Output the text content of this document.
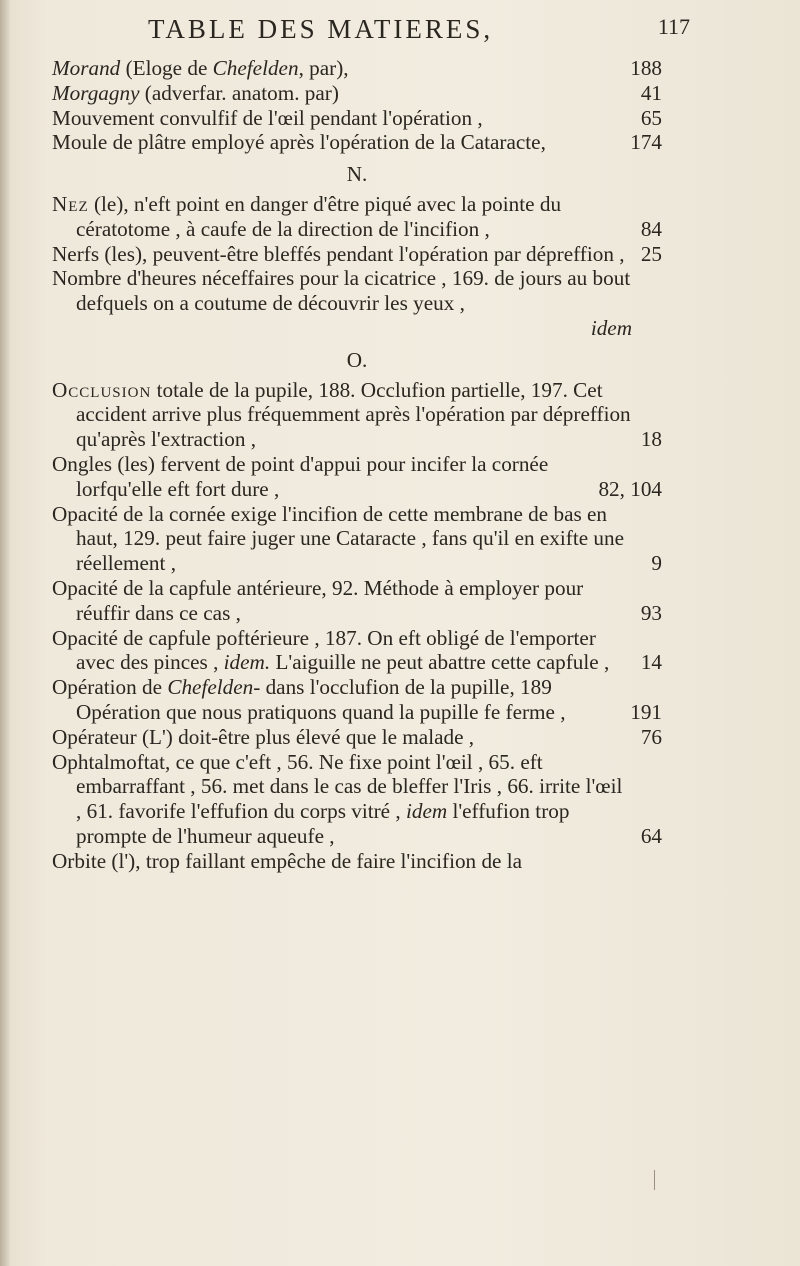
TABLE DES MATIERES,	117
Morand (Eloge de Chefelden, par),	188
Morgagny (adverfar. anatom. par)	41
Mouvement convulfif de l'œil pendant l'opération ,	65
Moule de plâtre employé après l'opération de la Cataracte,	174
N.
Nez (le), n'eft point en danger d'être piqué avec la pointe du cératotome , à caufe de la direction de l'incifion ,	84
Nerfs (les), peuvent-être bleffés pendant l'opération par dépreffion , 25
Nombre d'heures néceffaires pour la cicatrice , 169. de jours au bout defquels on a coutume de découvrir les yeux ,
idem
O.
Occlusion totale de la pupile, 188. Occlufion partielle, 197. Cet accident arrive plus fréquemment après l'opération par dépreffion qu'après l'extraction ,	18
Ongles (les) fervent de point d'appui pour incifer la cornée lorfqu'elle eft fort dure ,	82, 104
Opacité de la cornée exige l'incifion de cette membrane de bas en haut, 129. peut faire juger une Cataracte , fans qu'il en exifte une réellement ,	9
Opacité de la capfule antérieure, 92. Méthode à employer pour réuffir dans ce cas ,	93
Opacité de capfule poftérieure , 187. On eft obligé de l'emporter avec des pinces , idem. L'aiguille ne peut abattre cette capfule , 14
Opération de Chefelden- dans l'occlufion de la pupille, 189 Opération que nous pratiquons quand la pupille fe ferme ,	191
Opérateur (L') doit-être plus élevé que le malade ,	76
Ophtalmoftat, ce que c'eft , 56. Ne fixe point l'œil , 65. eft embarraffant , 56. met dans le cas de bleffer l'Iris , 66. irrite l'œil , 61. favorife l'effufion du corps vitré , idem l'effufion trop prompte de l'humeur aqueufe ,	64
Orbite (l'), trop faillant empêche de faire l'incifion de la
